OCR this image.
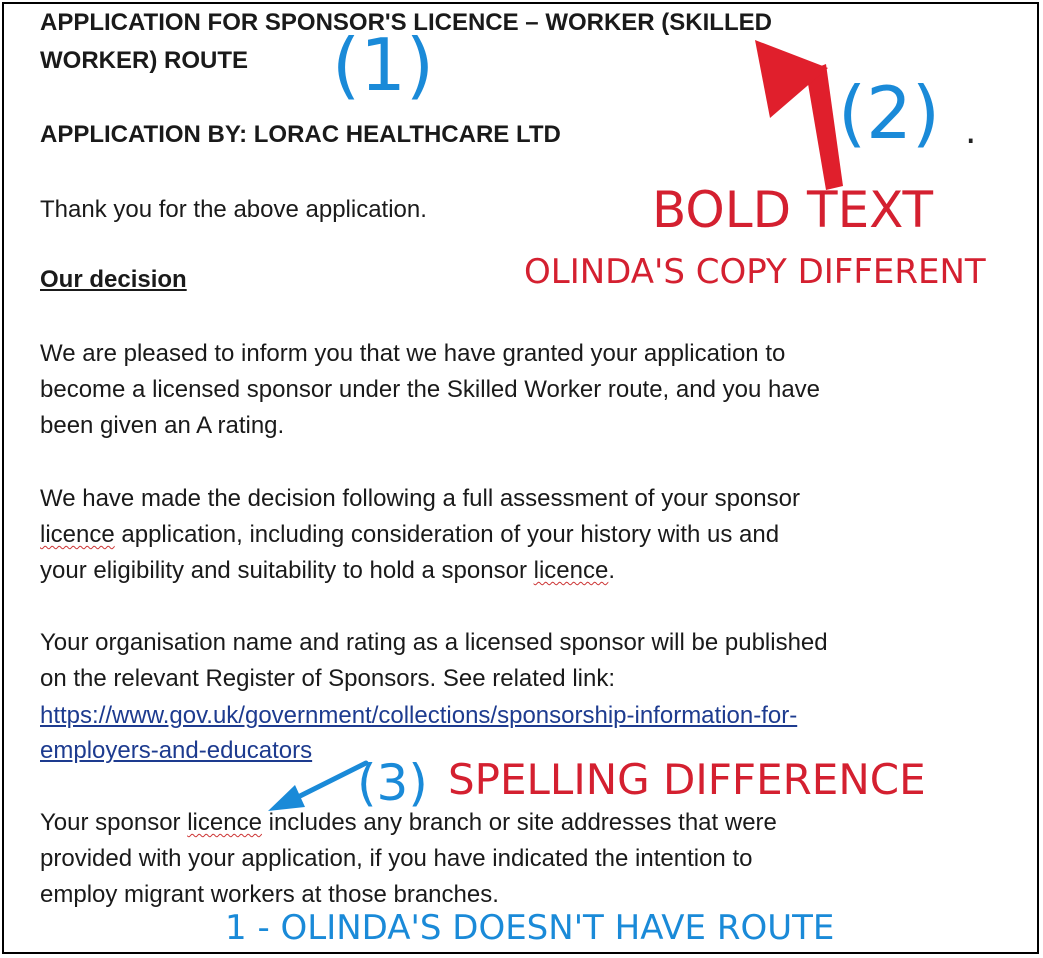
APPLICATION FOR SPONSOR'S LICENCE – WORKER (SKILLED
WORKER) ROUTE
APPLICATION BY: LORAC HEALTHCARE LTD
Thank you for the above application.
Our decision
We are pleased to inform you that we have granted your application to
become a licensed sponsor under the Skilled Worker route, and you have
been given an A rating.
We have made the decision following a full assessment of your sponsor
licence application, including consideration of your history with us and
your eligibility and suitability to hold a sponsor licence.
Your organisation name and rating as a licensed sponsor will be published
on the relevant Register of Sponsors. See related link:
https://www.gov.uk/government/collections/sponsorship-information-for-
employers-and-educators
Your sponsor licence includes any branch or site addresses that were
provided with your application, if you have indicated the intention to
employ migrant workers at those branches.
(1)
(2) .
BOLD TEXT
OLINDA'S COPY DIFFERENT
(3) SPELLING DIFFERENCE
1 - OLINDA'S DOESN'T HAVE ROUTE
